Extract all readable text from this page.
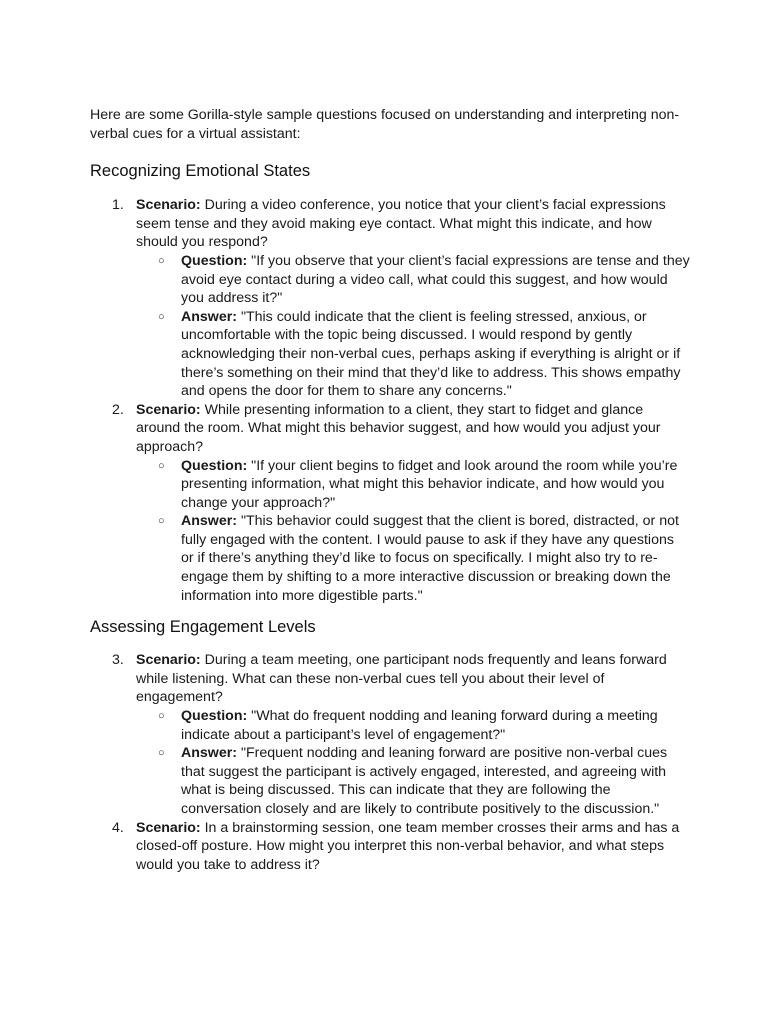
Here are some Gorilla-style sample questions focused on understanding and interpreting non-verbal cues for a virtual assistant:

Recognizing Emotional States
1. Scenario: During a video conference, you notice that your client’s facial expressions seem tense and they avoid making eye contact. What might this indicate, and how should you respond?
○ Question: "If you observe that your client’s facial expressions are tense and they avoid eye contact during a video call, what could this suggest, and how would you address it?"
○ Answer: "This could indicate that the client is feeling stressed, anxious, or uncomfortable with the topic being discussed. I would respond by gently acknowledging their non-verbal cues, perhaps asking if everything is alright or if there’s something on their mind that they’d like to address. This shows empathy and opens the door for them to share any concerns."
2. Scenario: While presenting information to a client, they start to fidget and glance around the room. What might this behavior suggest, and how would you adjust your approach?
○ Question: "If your client begins to fidget and look around the room while you’re presenting information, what might this behavior indicate, and how would you change your approach?"
○ Answer: "This behavior could suggest that the client is bored, distracted, or not fully engaged with the content. I would pause to ask if they have any questions or if there’s anything they’d like to focus on specifically. I might also try to re-engage them by shifting to a more interactive discussion or breaking down the information into more digestible parts."
Assessing Engagement Levels
3. Scenario: During a team meeting, one participant nods frequently and leans forward while listening. What can these non-verbal cues tell you about their level of engagement?
○ Question: "What do frequent nodding and leaning forward during a meeting indicate about a participant’s level of engagement?"
○ Answer: "Frequent nodding and leaning forward are positive non-verbal cues that suggest the participant is actively engaged, interested, and agreeing with what is being discussed. This can indicate that they are following the conversation closely and are likely to contribute positively to the discussion."
4. Scenario: In a brainstorming session, one team member crosses their arms and has a closed-off posture. How might you interpret this non-verbal behavior, and what steps would you take to address it?
